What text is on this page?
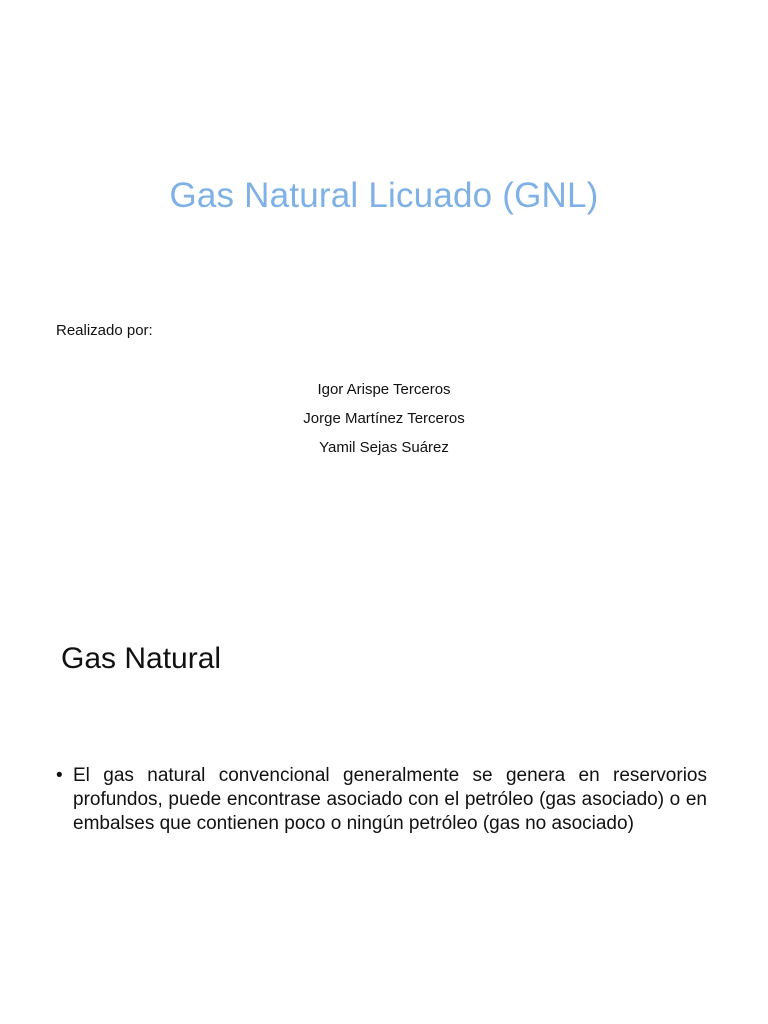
Gas Natural Licuado (GNL)
Realizado por:
Igor Arispe Terceros
Jorge Martínez Terceros
Yamil Sejas Suárez
Gas Natural
• El gas natural convencional generalmente se genera en reservorios profundos, puede encontrase asociado con el petróleo (gas asociado) o en embalses que contienen poco o ningún petróleo (gas no asociado)
